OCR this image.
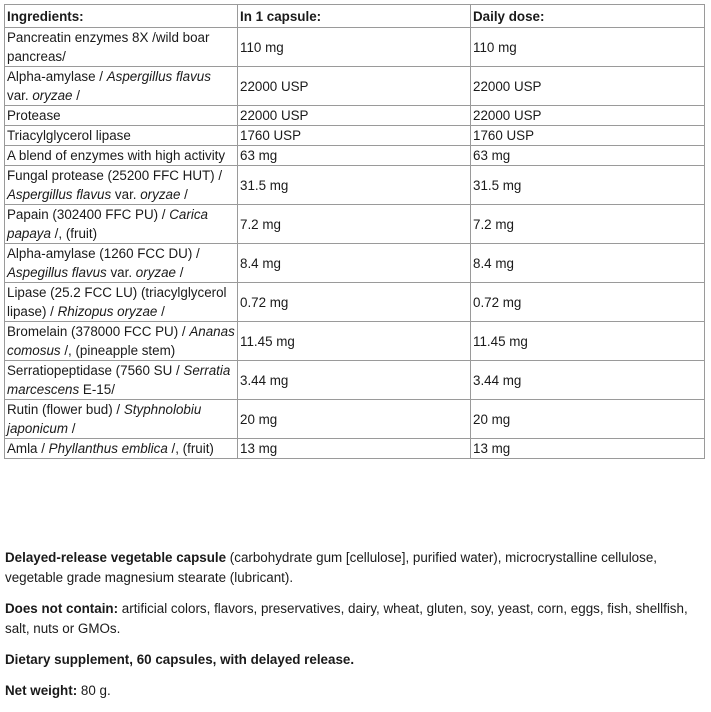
Ingredients:	In 1 capsule:	Daily dose:
Pancreatin enzymes 8X /wild boar pancreas/	110 mg	110 mg
Alpha-amylase / Aspergillus flavus var. oryzae /	22000 USP	22000 USP
Protease	22000 USP	22000 USP
Triacylglycerol lipase	1760 USP	1760 USP
A blend of enzymes with high activity	63 mg	63 mg
Fungal protease (25200 FFC HUT) / Aspergillus flavus var. oryzae /	31.5 mg	31.5 mg
Papain (302400 FFC PU) / Carica papaya /, (fruit)	7.2 mg	7.2 mg
Alpha-amylase (1260 FCC DU) / Aspegillus flavus var. oryzae /	8.4 mg	8.4 mg
Lipase (25.2 FCC LU) (triacylglycerol lipase) / Rhizopus oryzae /	0.72 mg	0.72 mg
Bromelain (378000 FCC PU) / Ananas comosus /, (pineapple stem)	11.45 mg	11.45 mg
Serratiopeptidase (7560 SU / Serratia marcescens E-15/	3.44 mg	3.44 mg
Rutin (flower bud) / Styphnolobiu japonicum /	20 mg	20 mg
Amla / Phyllanthus emblica /, (fruit)	13 mg	13 mg

Delayed-release vegetable capsule (carbohydrate gum [cellulose], purified water), microcrystalline cellulose, vegetable grade magnesium stearate (lubricant).

Does not contain: artificial colors, flavors, preservatives, dairy, wheat, gluten, soy, yeast, corn, eggs, fish, shellfish, salt, nuts or GMOs.

Dietary supplement, 60 capsules, with delayed release.

Net weight: 80 g.
